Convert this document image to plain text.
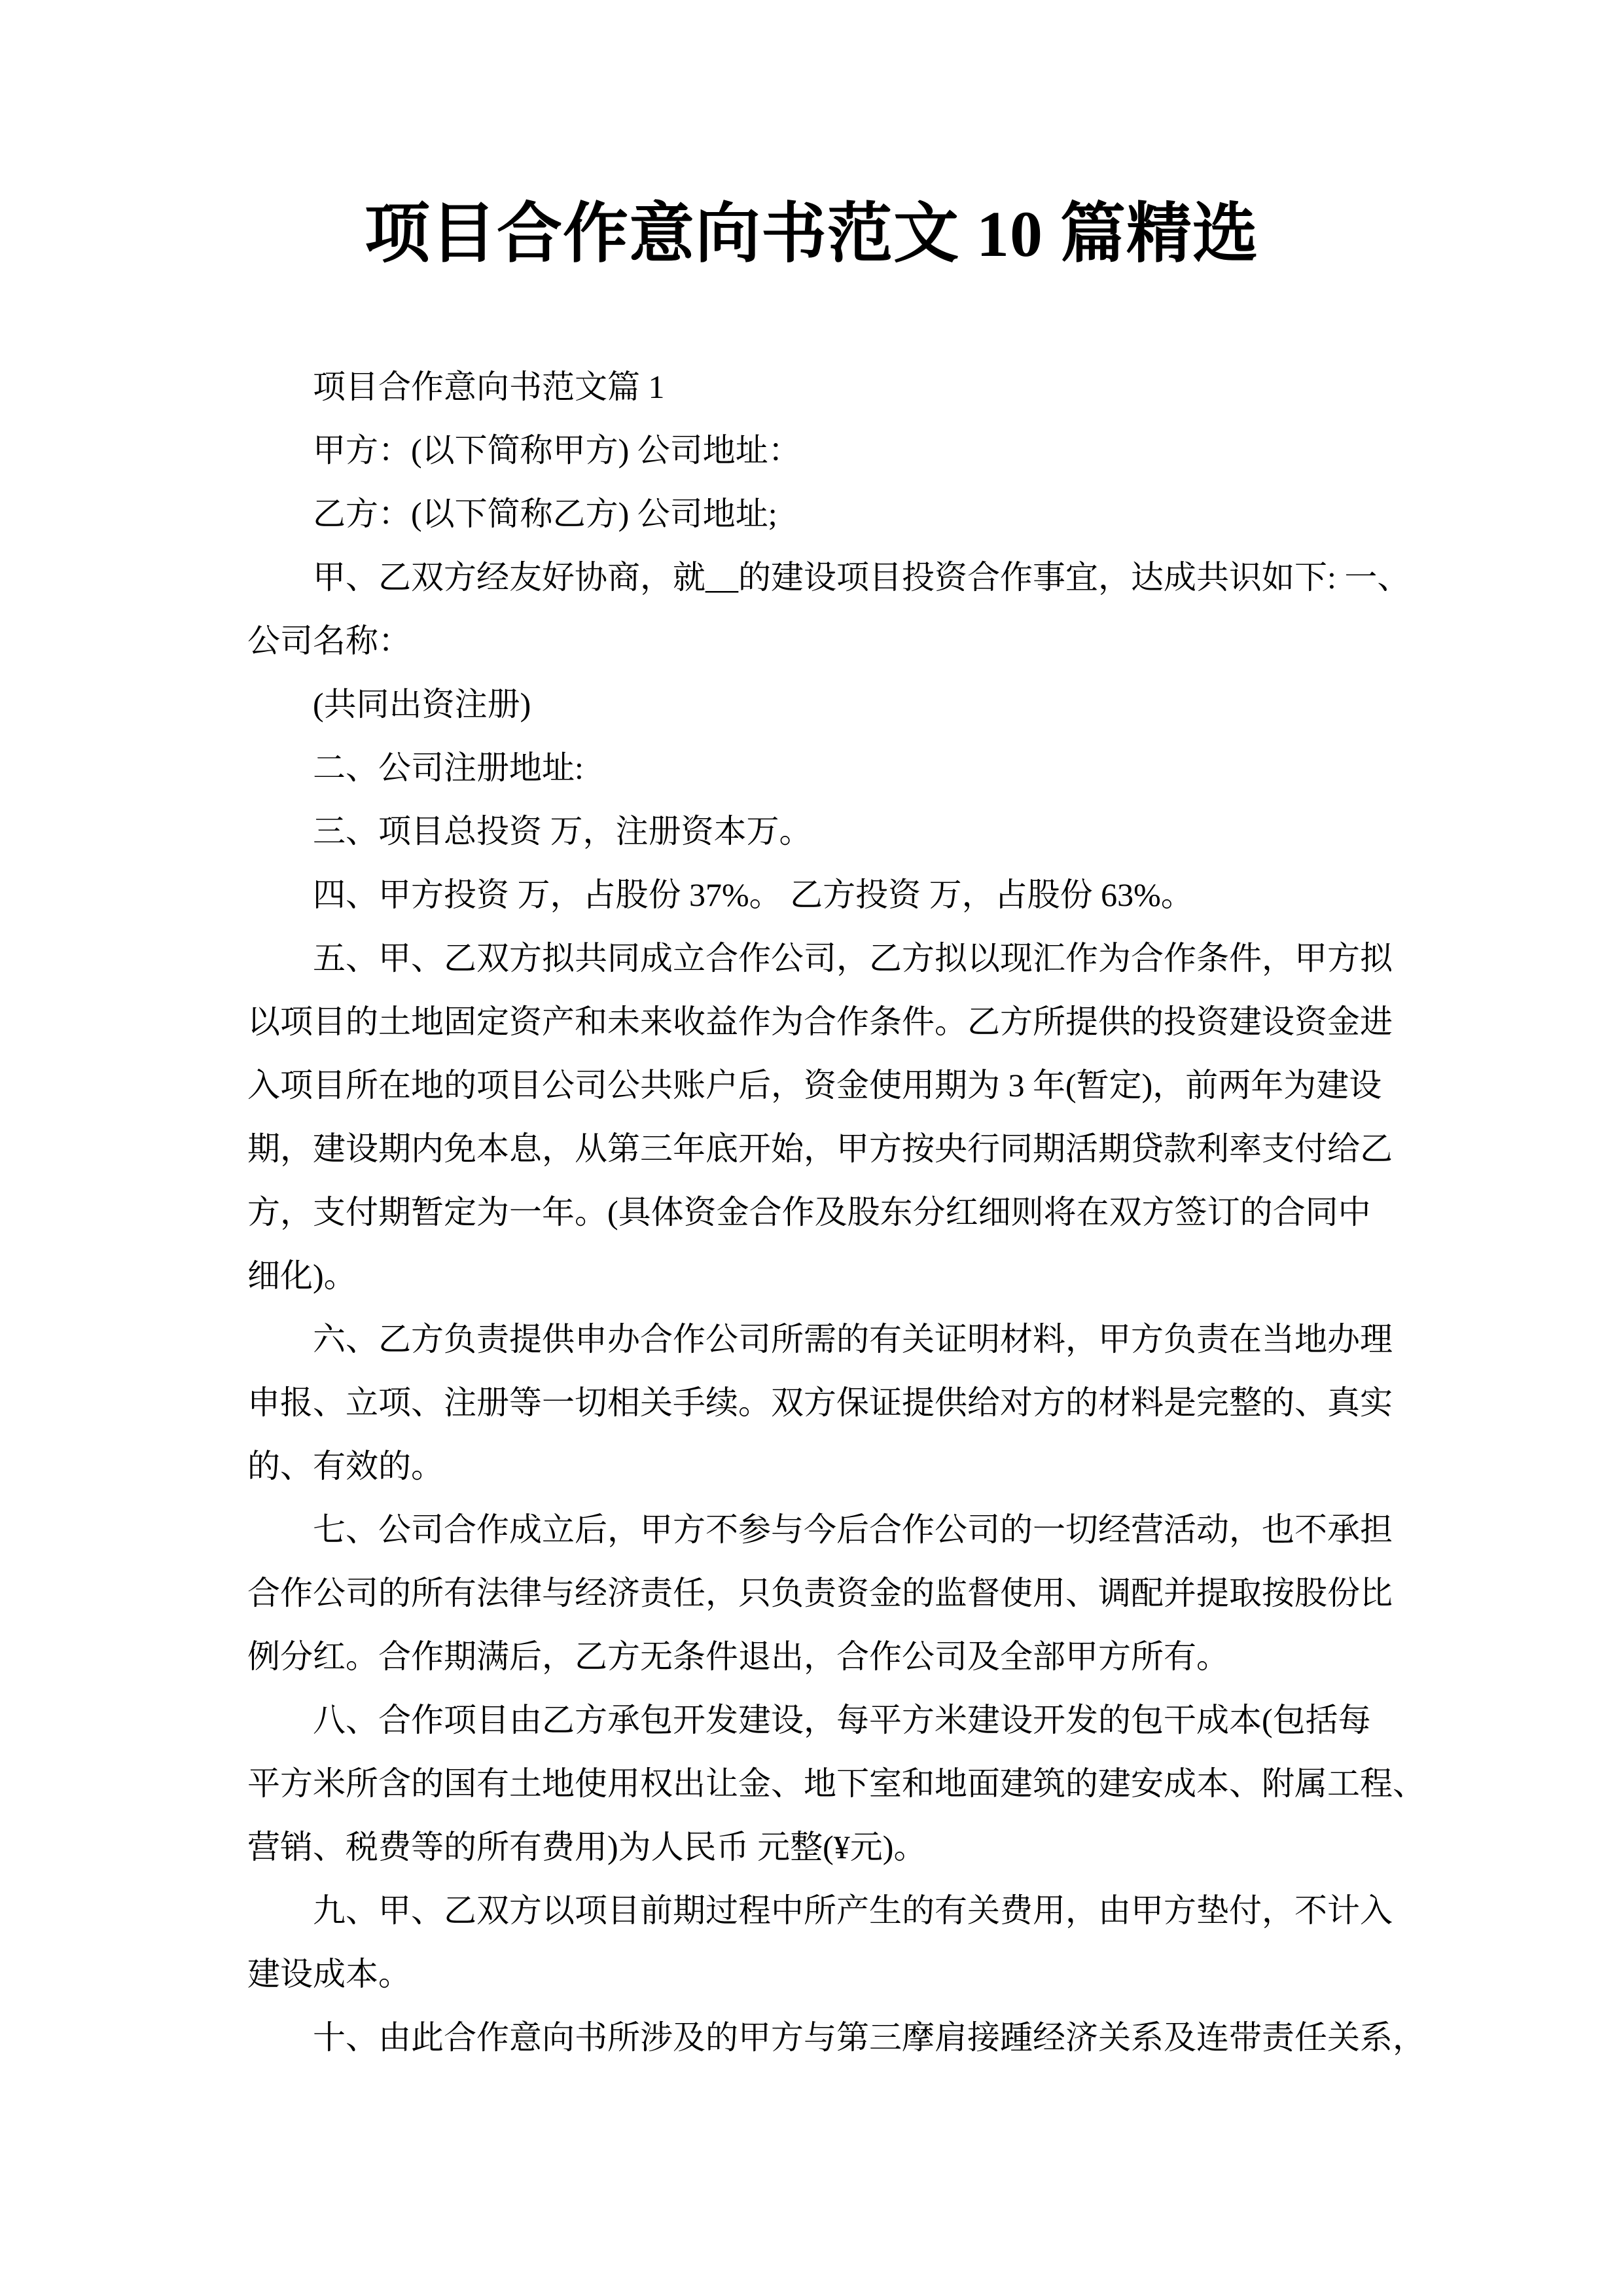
项目合作意向书范文 10 篇精选

　　项目合作意向书范文篇 1

　　甲方：(以下简称甲方) 公司地址：

　　乙方：(以下简称乙方) 公司地址;

　　甲、乙双方经友好协商，就__的建设项目投资合作事宜，达成共识如下: 一、

公司名称：

　　(共同出资注册)

　　二、公司注册地址:

　　三、项目总投资 万，注册资本万。

　　四、甲方投资 万，占股份 37%。 乙方投资 万，占股份 63%。

　　五、甲、乙双方拟共同成立合作公司，乙方拟以现汇作为合作条件，甲方拟

以项目的土地固定资产和未来收益作为合作条件。乙方所提供的投资建设资金进

入项目所在地的项目公司公共账户后，资金使用期为 3 年(暂定)，前两年为建设

期，建设期内免本息，从第三年底开始，甲方按央行同期活期贷款利率支付给乙

方，支付期暂定为一年。(具体资金合作及股东分红细则将在双方签订的合同中

细化)。

　　六、乙方负责提供申办合作公司所需的有关证明材料，甲方负责在当地办理

申报、立项、注册等一切相关手续。双方保证提供给对方的材料是完整的、真实

的、有效的。

　　七、公司合作成立后，甲方不参与今后合作公司的一切经营活动，也不承担

合作公司的所有法律与经济责任，只负责资金的监督使用、调配并提取按股份比

例分红。合作期满后，乙方无条件退出，合作公司及全部甲方所有。

　　八、合作项目由乙方承包开发建设，每平方米建设开发的包干成本(包括每

平方米所含的国有土地使用权出让金、地下室和地面建筑的建安成本、附属工程、

营销、税费等的所有费用)为人民币 元整(¥元)。

　　九、甲、乙双方以项目前期过程中所产生的有关费用，由甲方垫付，不计入

建设成本。

　　十、由此合作意向书所涉及的甲方与第三摩肩接踵经济关系及连带责任关系，
